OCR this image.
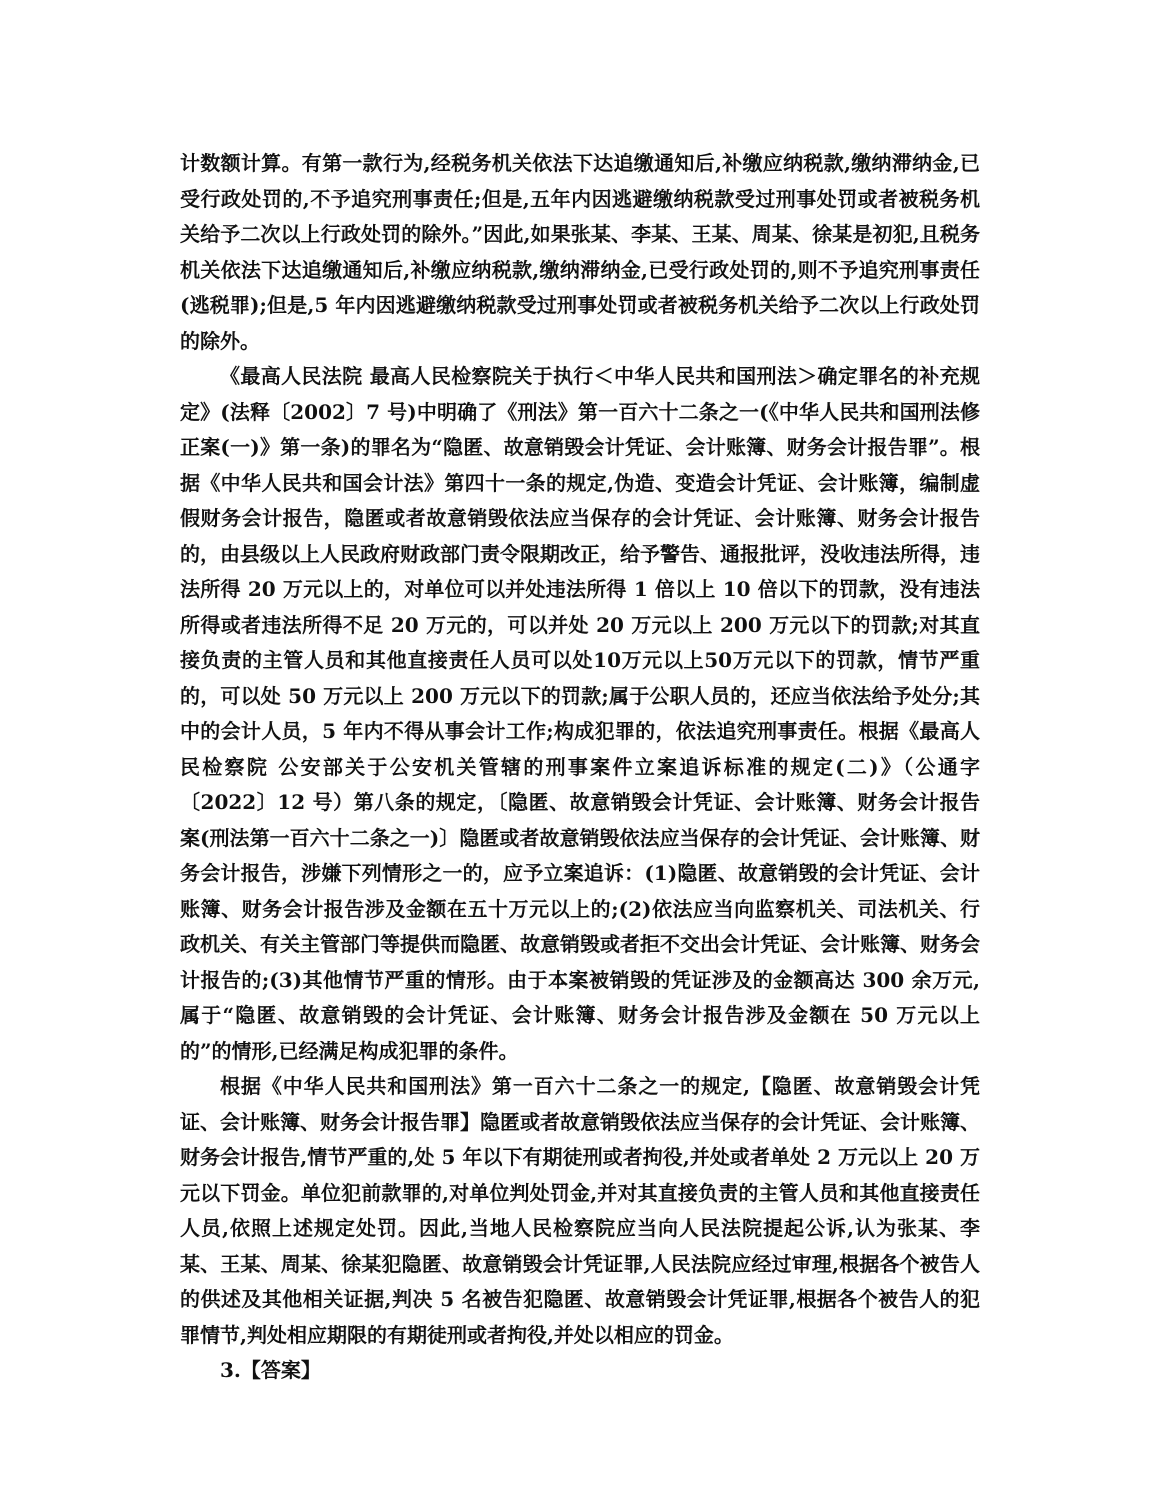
计数额计算。有第一款行为,经税务机关依法下达追缴通知后,补缴应纳税款,缴纳滞纳金,已受行政处罚的,不予追究刑事责任;但是,五年内因逃避缴纳税款受过刑事处罚或者被税务机关给予二次以上行政处罚的除外。”因此,如果张某、李某、王某、周某、徐某是初犯,且税务机关依法下达追缴通知后,补缴应纳税款,缴纳滞纳金,已受行政处罚的,则不予追究刑事责任(逃税罪);但是,5 年内因逃避缴纳税款受过刑事处罚或者被税务机关给予二次以上行政处罚的除外。

《最高人民法院 最高人民检察院关于执行＜中华人民共和国刑法＞确定罪名的补充规定》(法释〔2002〕7 号)中明确了《刑法》第一百六十二条之一(《中华人民共和国刑法修正案(一)》第一条)的罪名为“隐匿、故意销毁会计凭证、会计账簿、财务会计报告罪”。根据《中华人民共和国会计法》第四十一条的规定,伪造、变造会计凭证、会计账簿，编制虚假财务会计报告，隐匿或者故意销毁依法应当保存的会计凭证、会计账簿、财务会计报告的，由县级以上人民政府财政部门责令限期改正，给予警告、通报批评，没收违法所得，违法所得 20 万元以上的，对单位可以并处违法所得 1 倍以上 10 倍以下的罚款，没有违法所得或者违法所得不足 20 万元的，可以并处 20 万元以上 200 万元以下的罚款;对其直接负责的主管人员和其他直接责任人员可以处10万元以上50万元以下的罚款，情节严重的，可以处 50 万元以上 200 万元以下的罚款;属于公职人员的，还应当依法给予处分;其中的会计人员，5 年内不得从事会计工作;构成犯罪的，依法追究刑事责任。根据《最高人民检察院 公安部关于公安机关管辖的刑事案件立案追诉标准的规定(二)》（公通字〔2022〕12 号）第八条的规定，〔隐匿、故意销毁会计凭证、会计账簿、财务会计报告案(刑法第一百六十二条之一)〕隐匿或者故意销毁依法应当保存的会计凭证、会计账簿、财务会计报告，涉嫌下列情形之一的，应予立案追诉：(1)隐匿、故意销毁的会计凭证、会计账簿、财务会计报告涉及金额在五十万元以上的;(2)依法应当向监察机关、司法机关、行政机关、有关主管部门等提供而隐匿、故意销毁或者拒不交出会计凭证、会计账簿、财务会计报告的;(3)其他情节严重的情形。由于本案被销毁的凭证涉及的金额高达 300 余万元,属于“隐匿、故意销毁的会计凭证、会计账簿、财务会计报告涉及金额在 50 万元以上的”的情形,已经满足构成犯罪的条件。

根据《中华人民共和国刑法》第一百六十二条之一的规定,【隐匿、故意销毁会计凭证、会计账簿、财务会计报告罪】隐匿或者故意销毁依法应当保存的会计凭证、会计账簿、财务会计报告,情节严重的,处 5 年以下有期徒刑或者拘役,并处或者单处 2 万元以上 20 万元以下罚金。单位犯前款罪的,对单位判处罚金,并对其直接负责的主管人员和其他直接责任人员,依照上述规定处罚。因此,当地人民检察院应当向人民法院提起公诉,认为张某、李某、王某、周某、徐某犯隐匿、故意销毁会计凭证罪,人民法院应经过审理,根据各个被告人的供述及其他相关证据,判决 5 名被告犯隐匿、故意销毁会计凭证罪,根据各个被告人的犯罪情节,判处相应期限的有期徒刑或者拘役,并处以相应的罚金。

3.【答案】
